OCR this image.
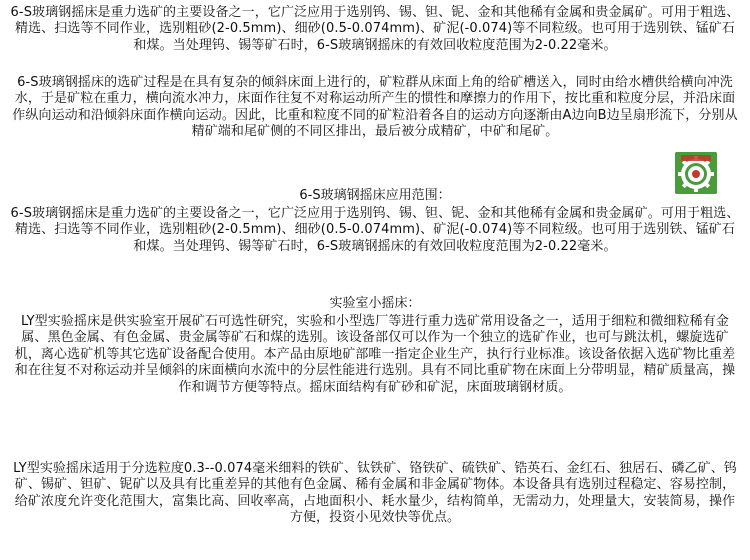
6-S玻璃钢摇床是重力选矿的主要设备之一，它广泛应用于选别钨、锡、钽、铌、金和其他稀有金属和贵金属矿。可用于粗选、精选、扫选等不同作业，选别粗砂(2-0.5mm)、细砂(0.5-0.074mm)、矿泥(-0.074)等不同粒级。也可用于选别铁、锰矿石和煤。当处理钨、锡等矿石时，6-S玻璃钢摇床的有效回收粒度范围为2-0.22毫米。

6-S玻璃钢摇床的选矿过程是在具有复杂的倾斜床面上进行的，矿粒群从床面上角的给矿槽送入，同时由给水槽供给横向冲洗水，于是矿粒在重力，横向流水冲力，床面作往复不对称运动所产生的惯性和摩擦力的作用下，按比重和粒度分层，并沿床面作纵向运动和沿倾斜床面作横向运动。因此，比重和粒度不同的矿粒沿着各自的运动方向逐渐由A边向B边呈扇形流下，分别从精矿端和尾矿侧的不同区排出，最后被分成精矿，中矿和尾矿。

6-S玻璃钢摇床应用范围：

6-S玻璃钢摇床是重力选矿的主要设备之一，它广泛应用于选别钨、锡、钽、铌、金和其他稀有金属和贵金属矿。可用于粗选、精选、扫选等不同作业，选别粗砂(2-0.5mm)、细砂(0.5-0.074mm)、矿泥(-0.074)等不同粒级。也可用于选别铁、锰矿石和煤。当处理钨、锡等矿石时，6-S玻璃钢摇床的有效回收粒度范围为2-0.22毫米。

实验室小摇床：

LY型实验摇床是供实验室开展矿石可选性研究，实验和小型选厂等进行重力选矿常用设备之一，适用于细粒和微细粒稀有金属、黑色金属、有色金属、贵金属等矿石和煤的选别。该设备部仅可以作为一个独立的选矿作业，也可与跳汰机，螺旋选矿机，离心选矿机等其它选矿设备配合使用。本产品由原地矿部唯一指定企业生产，执行行业标准。该设备依据入选矿物比重差和在往复不对称运动并呈倾斜的床面横向水流中的分层性能进行选别。具有不同比重矿物在床面上分带明显，精矿质量高，操作和调节方便等特点。摇床面结构有矿砂和矿泥，床面玻璃钢材质。

LY型实验摇床适用于分选粒度0.3--0.074毫米细料的铁矿、钛铁矿、铬铁矿、硫铁矿、锆英石、金红石、独居石、磷乙矿、钨矿、锡矿、钽矿、铌矿以及具有比重差异的其他有色金属、稀有金属和非金属矿物体。本设备具有选别过程稳定、容易控制，给矿浓度允许变化范围大，富集比高、回收率高，占地面积小、耗水量少，结构简单，无需动力，处理量大，安装简易，操作方便，投资小见效快等优点。
